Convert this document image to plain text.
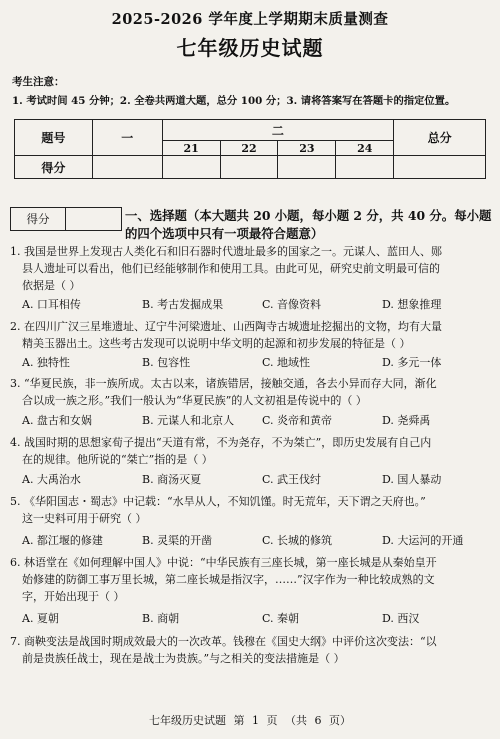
2025-2026 学年度上学期期末质量测查
七年级历史试题
考生注意：
1. 考试时间 45 分钟；2. 全卷共两道大题，总分 100 分；3. 请将答案写在答题卡的指定位置。
题号	一	二				总分
		21	22	23	24	
得分						
得分	一、选择题（本大题共 20 小题，每小题 2 分，共 40 分。每小题的四个选项中只有一项最符合题意）
1. 我国是世界上发现古人类化石和旧石器时代遗址最多的国家之一。元谋人、蓝田人、郧
县人遗址可以看出，他们已经能够制作和使用工具。由此可见，研究史前文明最可信的
依据是（ ）
A. 口耳相传	B. 考古发掘成果	C. 音像资料	D. 想象推理
2. 在四川广汉三星堆遗址、辽宁牛河梁遗址、山西陶寺古城遗址挖掘出的文物，均有大量
精美玉器出土。这些考古发现可以说明中华文明的起源和初步发展的特征是（ ）
A. 独特性	B. 包容性	C. 地域性	D. 多元一体
3. “华夏民族，非一族所成。太古以来，诸族错居，接触交通，各去小异而存大同，渐化
合以成一族之形。”我们一般认为“华夏民族”的人文初祖是传说中的（ ）
A. 盘古和女娲	B. 元谋人和北京人	C. 炎帝和黄帝	D. 尧舜禹
4. 战国时期的思想家荀子提出“天道有常，不为尧存，不为桀亡”，即历史发展有自己内
在的规律。他所说的“桀亡”指的是（ ）
A. 大禹治水	B. 商汤灭夏	C. 武王伐纣	D. 国人暴动
5. 《华阳国志・蜀志》中记载：“水旱从人，不知饥馑。时无荒年，天下谓之天府也。”
这一史料可用于研究（ ）
A. 都江堰的修建	B. 灵渠的开凿	C. 长城的修筑	D. 大运河的开通
6. 林语堂在《如何理解中国人》中说：“中华民族有三座长城，第一座长城是从秦始皇开
始修建的防御工事万里长城，第二座长城是指汉字，……”汉字作为一种比较成熟的文
字，开始出现于（ ）
A. 夏朝	B. 商朝	C. 秦朝	D. 西汉
7. 商鞅变法是战国时期成效最大的一次改革。钱穆在《国史大纲》中评价这次变法：“以
前是贵族任战士，现在是战士为贵族。”与之相关的变法措施是（ ）
七年级历史试题 第 1 页 （共 6 页）
